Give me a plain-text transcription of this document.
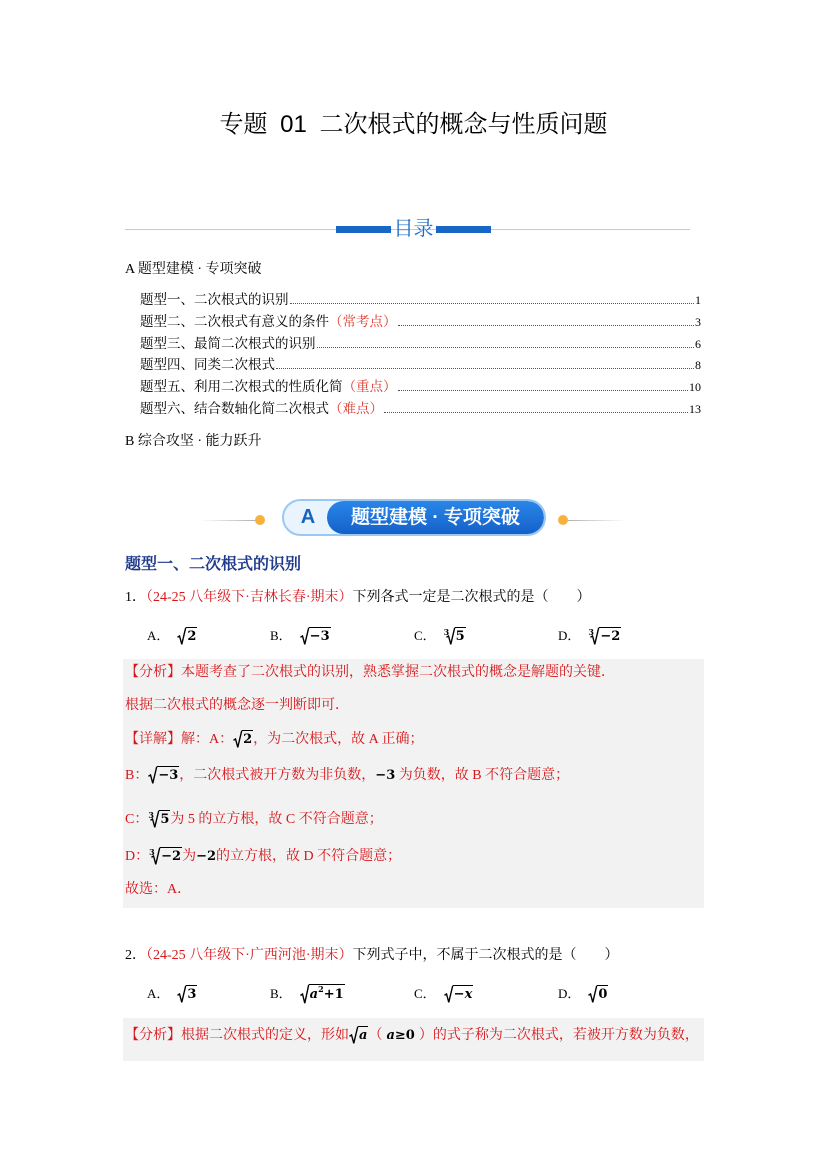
专题 01 二次根式的概念与性质问题
目录
A 题型建模 · 专项突破
题型一、二次根式的识别	1
题型二、二次根式有意义的条件 （常考点）	3
题型三、最简二次根式的识别	6
题型四、同类二次根式	8
题型五、利用二次根式的性质化简 （重点）	10
题型六、结合数轴化简二次根式 （难点）	13
B 综合攻坚 · 能力跃升
A	题型建模 · 专项突破
题型一、二次根式的识别
1．（24-25 八年级下·吉林长春·期末）下列各式一定是二次根式的是（　　）
A． 2	B． −3	C． 3 5	D． 3 −2
【分析】本题考查了二次根式的识别，熟悉掌握二次根式的概念是解题的关键．
根据二次根式的概念逐一判断即可．
【详解】解：A： 2 ，为二次根式，故 A 正确；
B： −3 ，二次根式被开方数为非负数，−3 为负数，故 B 不符合题意；
C： 3 5 为 5 的立方根，故 C 不符合题意；
D： 3 −2 为−2的立方根，故 D 不符合题意；
故选：A．
2．（24-25 八年级下·广西河池·期末）下列式子中，不属于二次根式的是（　　）
A． 3	B． $a^2+1$	C． −x	D． 0
【分析】根据二次根式的定义，形如 a （ a≥0 ）的式子称为二次根式，若被开方数为负数，
